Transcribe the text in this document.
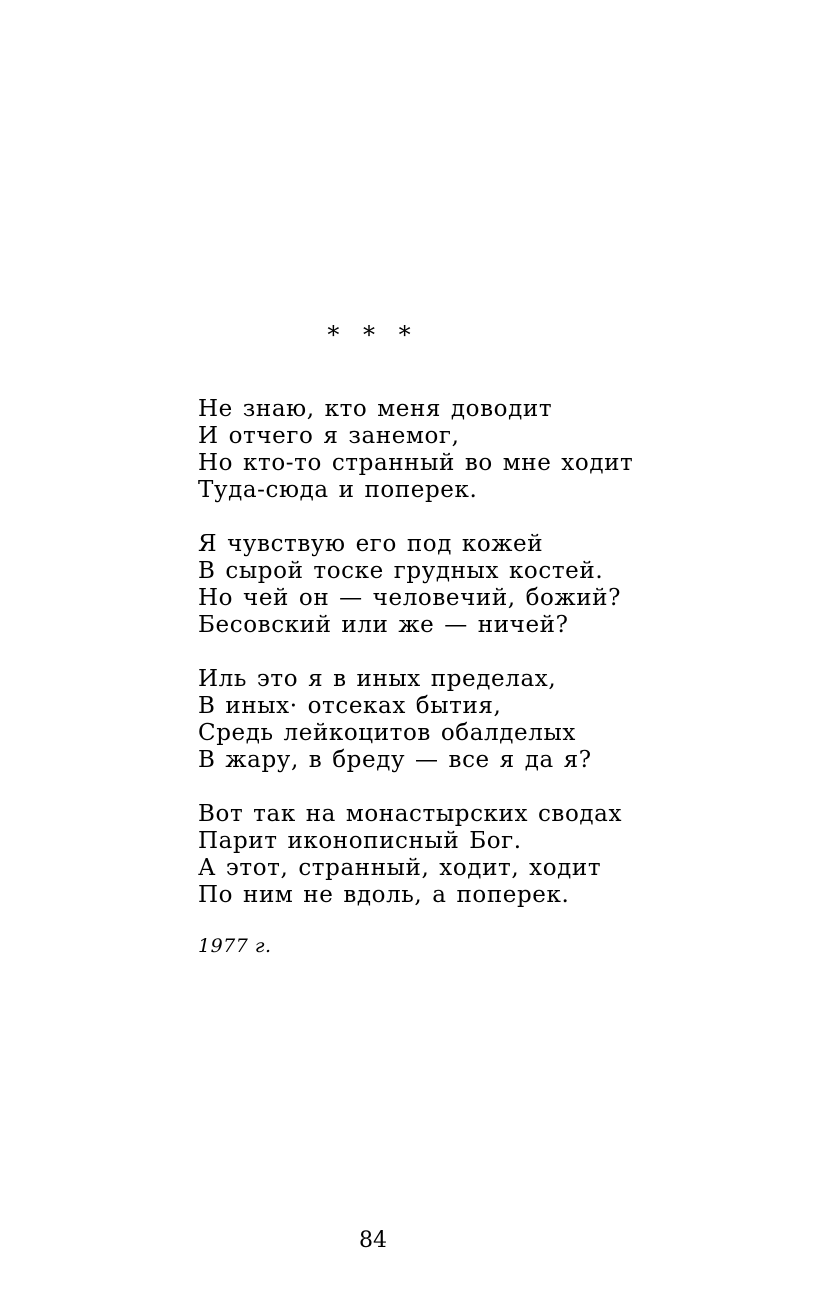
* * *
Не знаю, кто меня доводит
И отчего я занемог,
Но кто-то странный во мне ходит
Туда-сюда и поперек.
Я чувствую его под кожей
В сырой тоске грудных костей.
Но чей он — человечий, божий?
Бесовский или же — ничей?
Иль это я в иных пределах,
В иных· отсеках бытия,
Средь лейкоцитов обалделых
В жару, в бреду — все я да я?
Вот так на монастырских сводах
Парит иконописный Бог.
А этот, странный, ходит, ходит
По ним не вдоль, а поперек.
1977 г.
84
